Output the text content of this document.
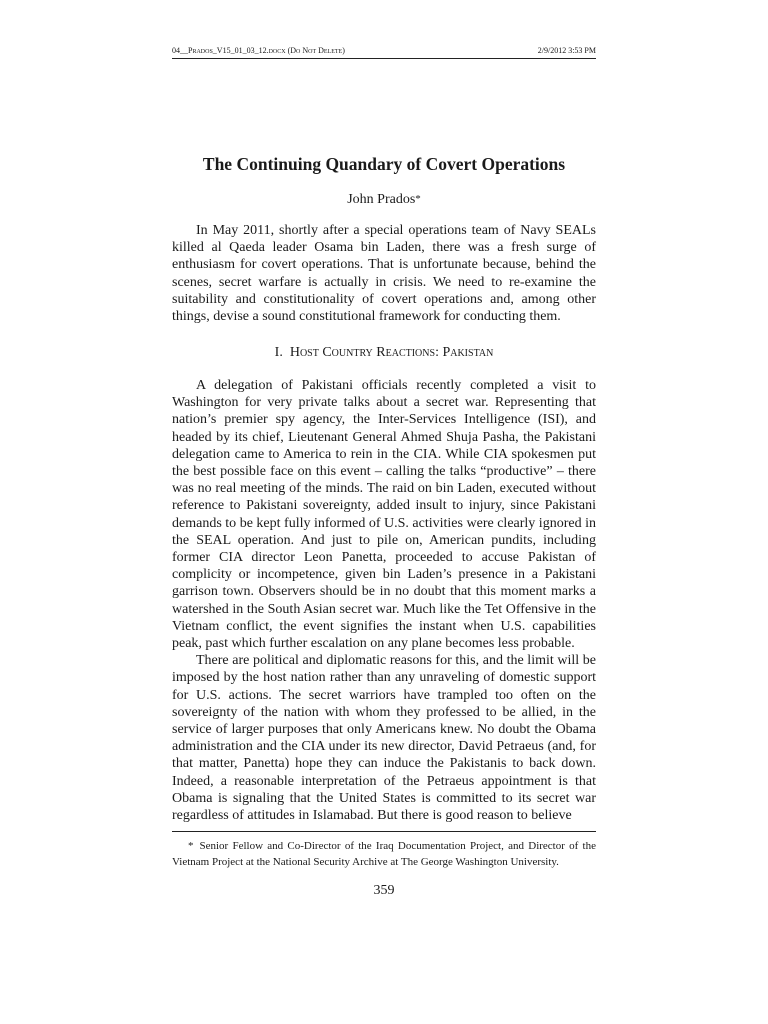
04__Prados_V15_01_03_12.docx (Do Not Delete)	2/9/2012 3:53 PM
The Continuing Quandary of Covert Operations
John Prados*

In May 2011, shortly after a special operations team of Navy SEALs killed al Qaeda leader Osama bin Laden, there was a fresh surge of enthusiasm for covert operations. That is unfortunate because, behind the scenes, secret warfare is actually in crisis. We need to re-examine the suitability and constitutionality of covert operations and, among other things, devise a sound constitutional framework for conducting them.

I. Host Country Reactions: Pakistan

A delegation of Pakistani officials recently completed a visit to Washington for very private talks about a secret war. Representing that nation’s premier spy agency, the Inter-Services Intelligence (ISI), and headed by its chief, Lieutenant General Ahmed Shuja Pasha, the Pakistani delegation came to America to rein in the CIA. While CIA spokesmen put the best possible face on this event – calling the talks “productive” – there was no real meeting of the minds. The raid on bin Laden, executed without reference to Pakistani sovereignty, added insult to injury, since Pakistani demands to be kept fully informed of U.S. activities were clearly ignored in the SEAL operation. And just to pile on, American pundits, including former CIA director Leon Panetta, proceeded to accuse Pakistan of complicity or incompetence, given bin Laden’s presence in a Pakistani garrison town. Observers should be in no doubt that this moment marks a watershed in the South Asian secret war. Much like the Tet Offensive in the Vietnam conflict, the event signifies the instant when U.S. capabilities peak, past which further escalation on any plane becomes less probable.

There are political and diplomatic reasons for this, and the limit will be imposed by the host nation rather than any unraveling of domestic support for U.S. actions. The secret warriors have trampled too often on the sovereignty of the nation with whom they professed to be allied, in the service of larger purposes that only Americans knew. No doubt the Obama administration and the CIA under its new director, David Petraeus (and, for that matter, Panetta) hope they can induce the Pakistanis to back down. Indeed, a reasonable interpretation of the Petraeus appointment is that Obama is signaling that the United States is committed to its secret war regardless of attitudes in Islamabad. But there is good reason to believe

* Senior Fellow and Co-Director of the Iraq Documentation Project, and Director of the Vietnam Project at the National Security Archive at The George Washington University.

359
